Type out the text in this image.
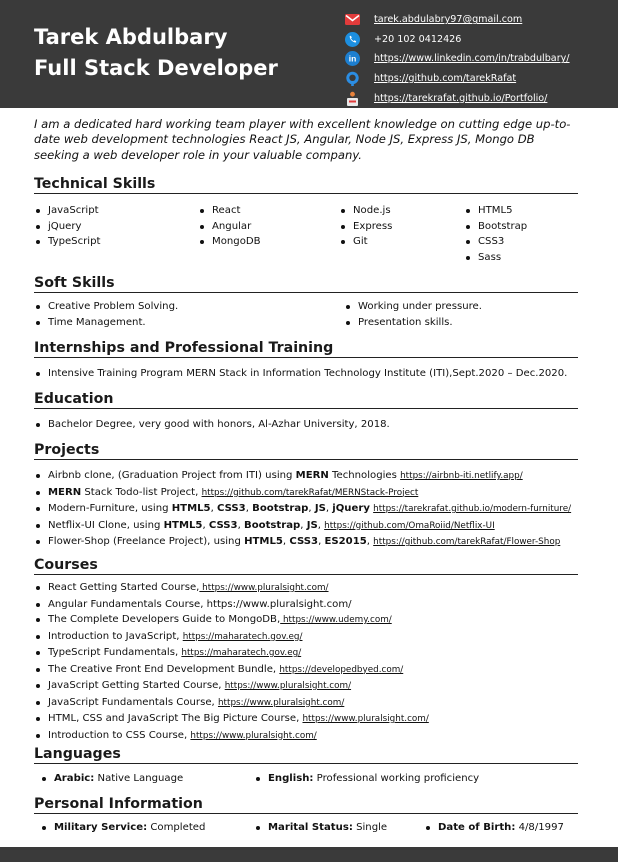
Tarek Abdulbary
Full Stack Developer
tarek.abdulabry97@gmail.com
+20 102 0412426
in https://www.linkedin.com/in/trabdulbary/
https://github.com/tarekRafat
https://tarekrafat.github.io/Portfolio/

I am a dedicated hard working team player with excellent knowledge on cutting edge up-to-date web development technologies React JS, Angular, Node JS, Express JS, Mongo DB seeking a web developer role in your valuable company.

Technical Skills
JavaScript
jQuery
TypeScript
React
Angular
MongoDB
Node.js
Express
Git
HTML5
Bootstrap
CSS3
Sass
Soft Skills
Creative Problem Solving.
Time Management.
Working under pressure.
Presentation skills.
Internships and Professional Training
Intensive Training Program MERN Stack in Information Technology Institute (ITI),Sept.2020 – Dec.2020.
Education
Bachelor Degree, very good with honors, Al-Azhar University, 2018.
Projects
Airbnb clone, (Graduation Project from ITI) using MERN Technologies https://airbnb-iti.netlify.app/
MERN Stack Todo-list Project, https://github.com/tarekRafat/MERNStack-Project
Modern-Furniture, using HTML5, CSS3, Bootstrap, JS, jQuery https://tarekrafat.github.io/modern-furniture/
Netflix-UI Clone, using HTML5, CSS3, Bootstrap, JS, https://github.com/OmaRoiid/Netflix-UI
Flower-Shop (Freelance Project), using HTML5, CSS3, ES2015, https://github.com/tarekRafat/Flower-Shop
Courses
React Getting Started Course, https://www.pluralsight.com/
Angular Fundamentals Course, https://www.pluralsight.com/
The Complete Developers Guide to MongoDB, https://www.udemy.com/
Introduction to JavaScript, https://maharatech.gov.eg/
TypeScript Fundamentals, https://maharatech.gov.eg/
The Creative Front End Development Bundle, https://developedbyed.com/
JavaScript Getting Started Course, https://www.pluralsight.com/
JavaScript Fundamentals Course, https://www.pluralsight.com/
HTML, CSS and JavaScript The Big Picture Course, https://www.pluralsight.com/
Introduction to CSS Course, https://www.pluralsight.com/
Languages
Arabic: Native Language	English: Professional working proficiency
Personal Information
Military Service: Completed	Marital Status: Single	Date of Birth: 4/8/1997
